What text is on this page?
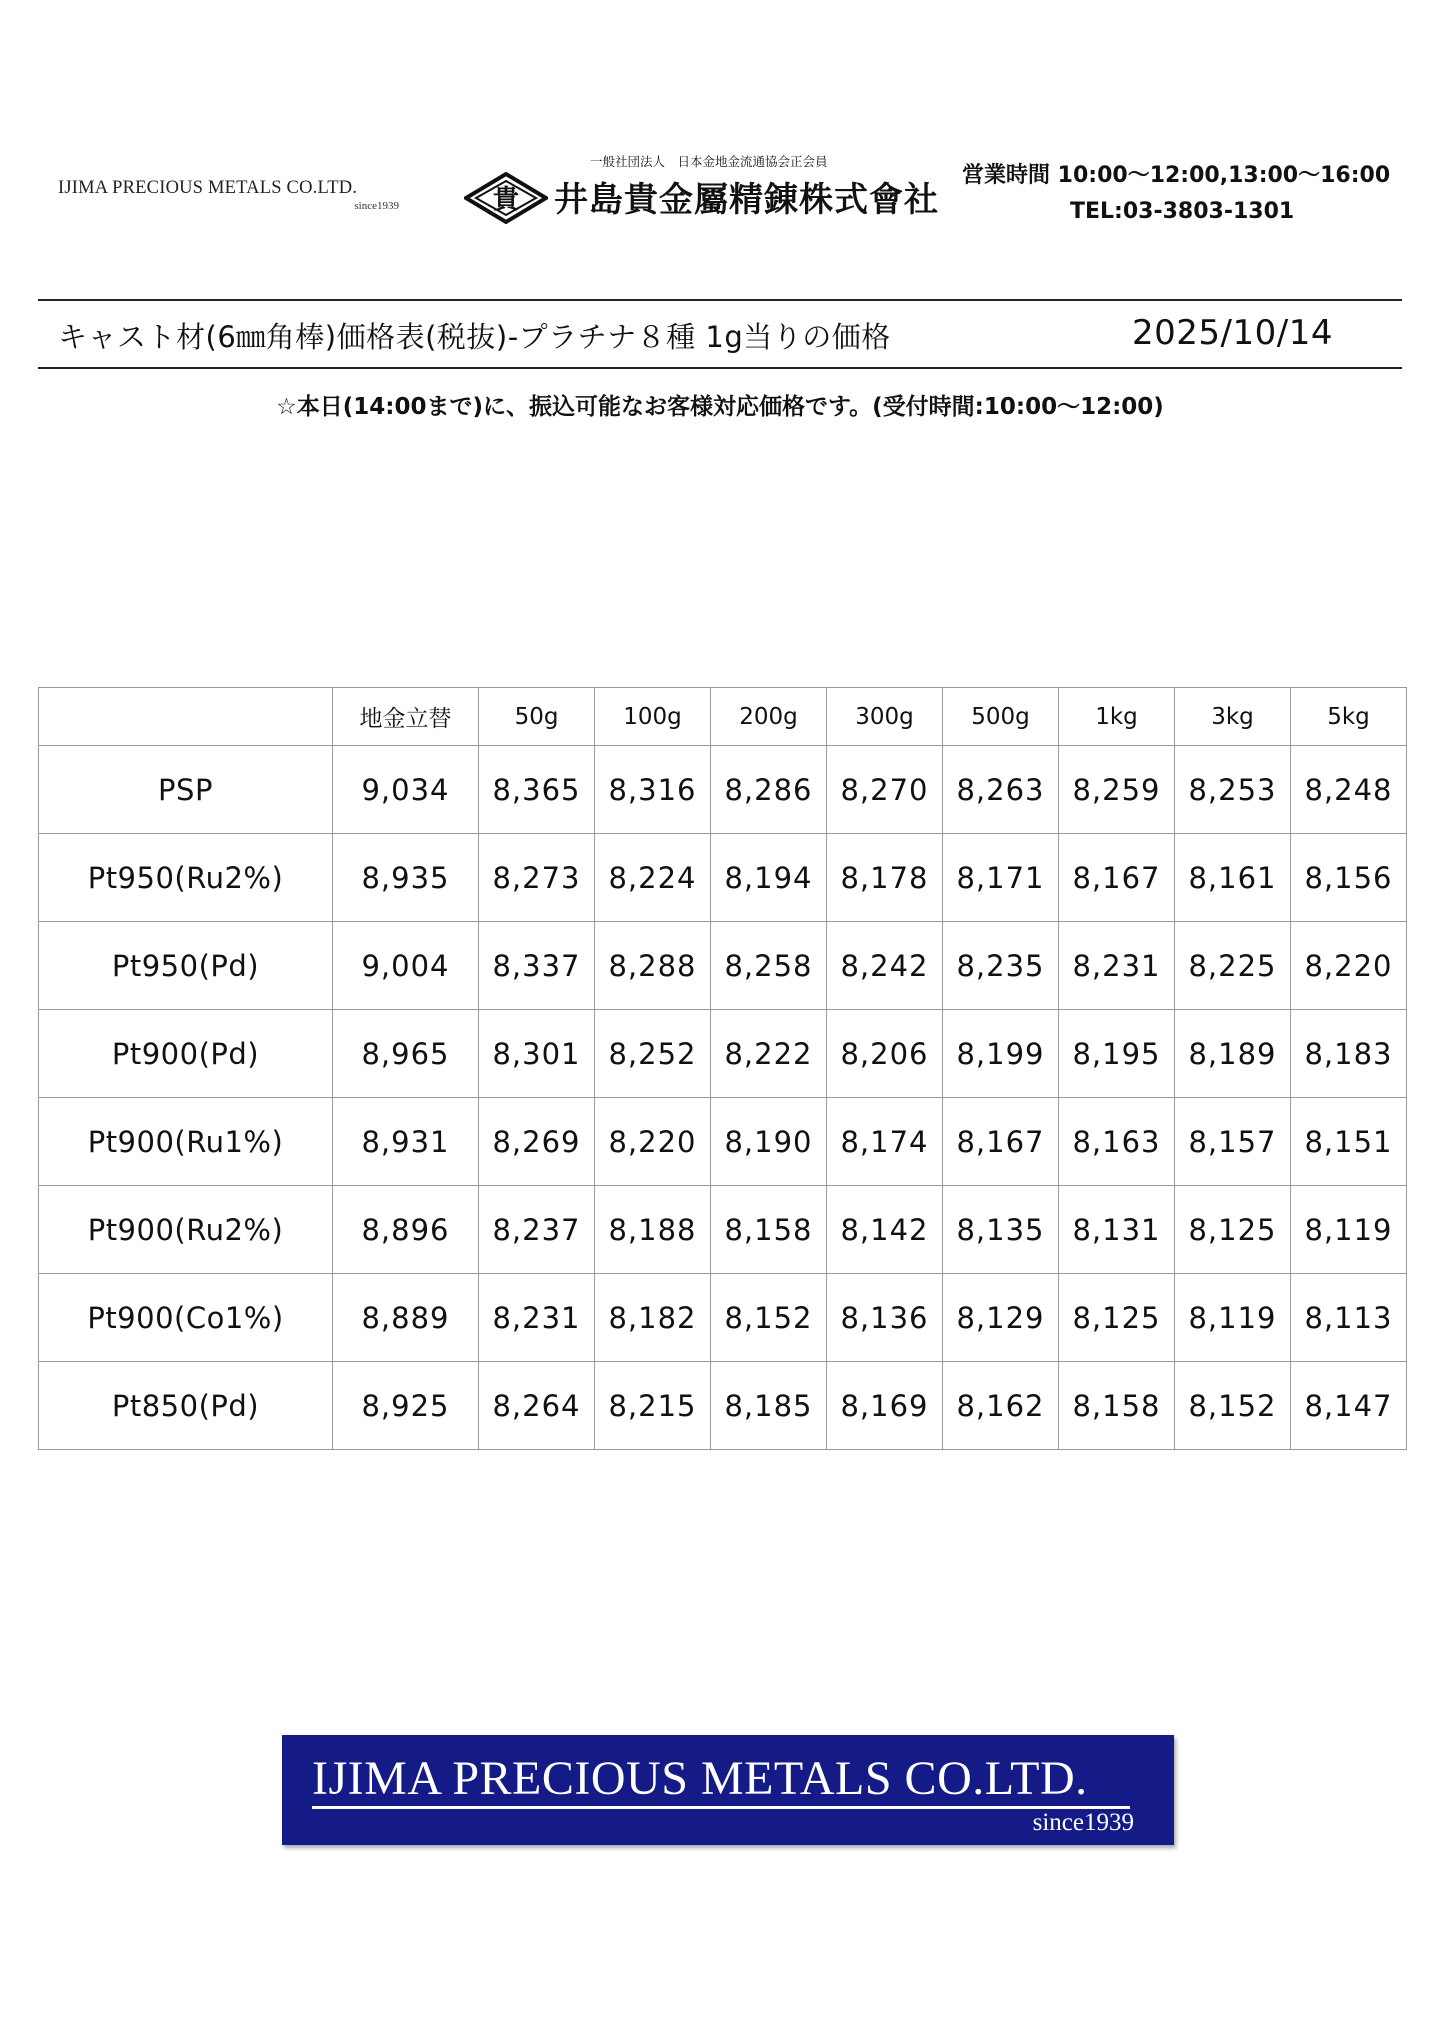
IJIMA PRECIOUS METALS CO.LTD.
since1939
一般社団法人　日本金地金流通協会正会員
貴 井島貴金屬精錬株式會社
営業時間 10:00～12:00,13:00～16:00
TEL:03-3803-1301
キャスト材(6㎜角棒)価格表(税抜)-プラチナ８種 1g当りの価格	2025/10/14
☆本日(14:00まで)に、振込可能なお客様対応価格です。(受付時間:10:00～12:00)
	地金立替	50g	100g	200g	300g	500g	1kg	3kg	5kg
PSP	9,034	8,365	8,316	8,286	8,270	8,263	8,259	8,253	8,248
Pt950(Ru2%)	8,935	8,273	8,224	8,194	8,178	8,171	8,167	8,161	8,156
Pt950(Pd)	9,004	8,337	8,288	8,258	8,242	8,235	8,231	8,225	8,220
Pt900(Pd)	8,965	8,301	8,252	8,222	8,206	8,199	8,195	8,189	8,183
Pt900(Ru1%)	8,931	8,269	8,220	8,190	8,174	8,167	8,163	8,157	8,151
Pt900(Ru2%)	8,896	8,237	8,188	8,158	8,142	8,135	8,131	8,125	8,119
Pt900(Co1%)	8,889	8,231	8,182	8,152	8,136	8,129	8,125	8,119	8,113
Pt850(Pd)	8,925	8,264	8,215	8,185	8,169	8,162	8,158	8,152	8,147
IJIMA PRECIOUS METALS CO.LTD.
since1939
